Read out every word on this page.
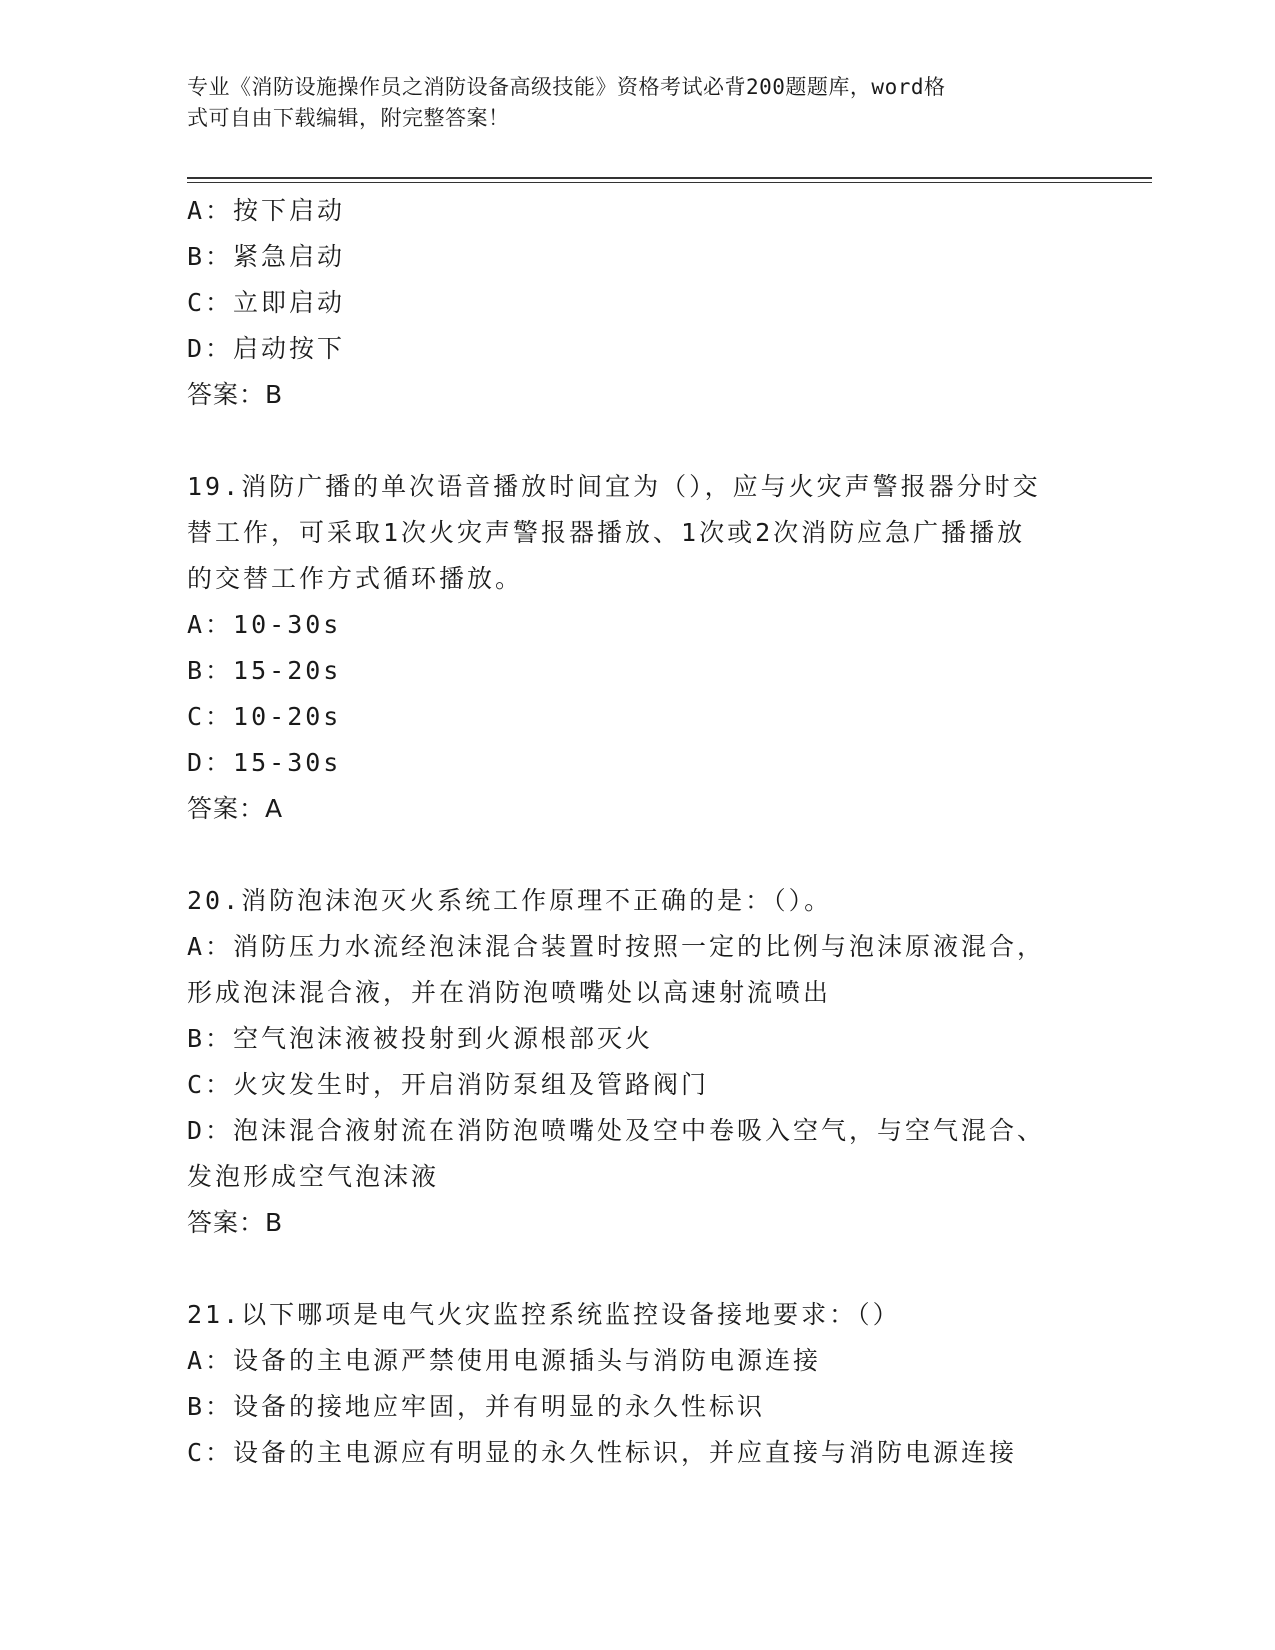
专业《消防设施操作员之消防设备高级技能》资格考试必背200题题库，word格
式可自由下载编辑，附完整答案！
A：按下启动
B：紧急启动
C：立即启动
D：启动按下
答案：B
19.消防广播的单次语音播放时间宜为（），应与火灾声警报器分时交
替工作，可采取1次火灾声警报器播放、1次或2次消防应急广播播放
的交替工作方式循环播放。
A：10-30s
B：15-20s
C：10-20s
D：15-30s
答案：A
20.消防泡沫泡灭火系统工作原理不正确的是：（）。
A：消防压力水流经泡沫混合装置时按照一定的比例与泡沫原液混合，
形成泡沫混合液，并在消防泡喷嘴处以高速射流喷出
B：空气泡沫液被投射到火源根部灭火
C：火灾发生时，开启消防泵组及管路阀门
D：泡沫混合液射流在消防泡喷嘴处及空中卷吸入空气，与空气混合、
发泡形成空气泡沫液
答案：B
21.以下哪项是电气火灾监控系统监控设备接地要求：（）
A：设备的主电源严禁使用电源插头与消防电源连接
B：设备的接地应牢固，并有明显的永久性标识
C：设备的主电源应有明显的永久性标识，并应直接与消防电源连接
